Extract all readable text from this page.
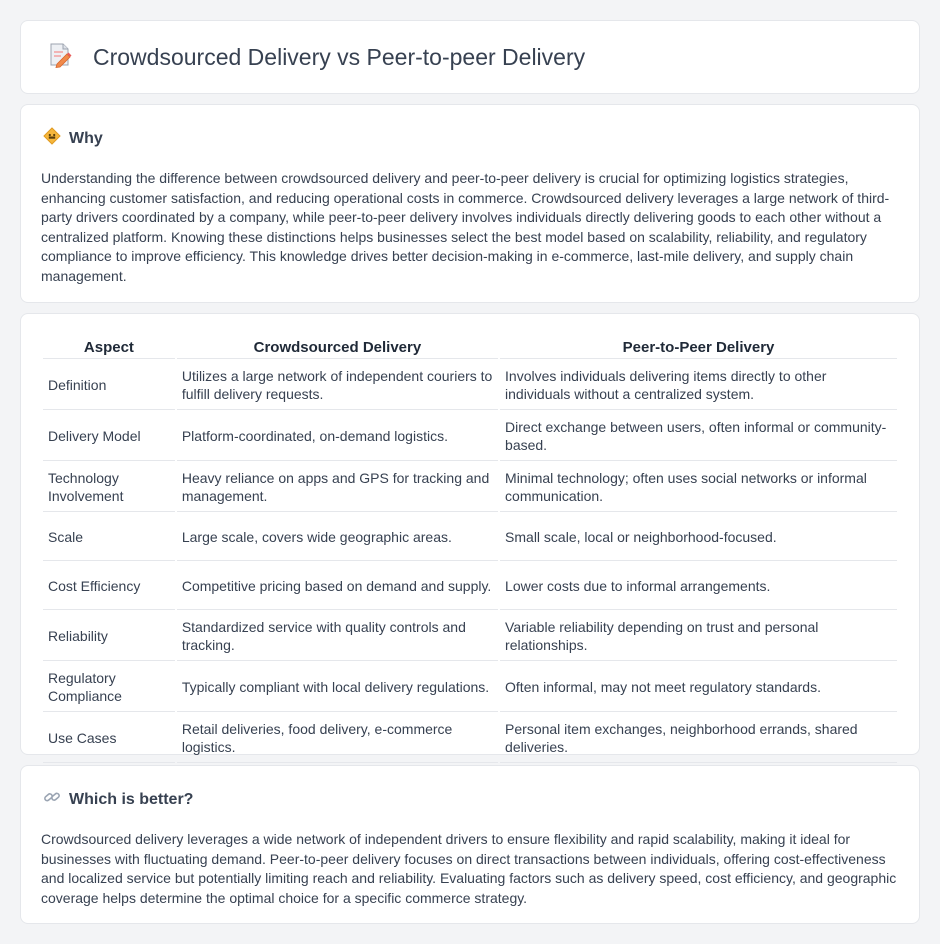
Crowdsourced Delivery vs Peer-to-peer Delivery
Why

Understanding the difference between crowdsourced delivery and peer-to-peer delivery is crucial for optimizing logistics strategies, enhancing customer satisfaction, and reducing operational costs in commerce. Crowdsourced delivery leverages a large network of third-party drivers coordinated by a company, while peer-to-peer delivery involves individuals directly delivering goods to each other without a centralized platform. Knowing these distinctions helps businesses select the best model based on scalability, reliability, and regulatory compliance to improve efficiency. This knowledge drives better decision-making in e-commerce, last-mile delivery, and supply chain management.

Aspect	Crowdsourced Delivery	Peer-to-Peer Delivery
Definition	Utilizes a large network of independent couriers to fulfill delivery requests.	Involves individuals delivering items directly to other individuals without a centralized system.
Delivery Model	Platform-coordinated, on-demand logistics.	Direct exchange between users, often informal or community-based.
Technology Involvement	Heavy reliance on apps and GPS for tracking and management.	Minimal technology; often uses social networks or informal communication.
Scale	Large scale, covers wide geographic areas.	Small scale, local or neighborhood-focused.
Cost Efficiency	Competitive pricing based on demand and supply.	Lower costs due to informal arrangements.
Reliability	Standardized service with quality controls and tracking.	Variable reliability depending on trust and personal relationships.
Regulatory Compliance	Typically compliant with local delivery regulations.	Often informal, may not meet regulatory standards.
Use Cases	Retail deliveries, food delivery, e-commerce logistics.	Personal item exchanges, neighborhood errands, shared deliveries.
Which is better?

Crowdsourced delivery leverages a wide network of independent drivers to ensure flexibility and rapid scalability, making it ideal for businesses with fluctuating demand. Peer-to-peer delivery focuses on direct transactions between individuals, offering cost-effectiveness and localized service but potentially limiting reach and reliability. Evaluating factors such as delivery speed, cost efficiency, and geographic coverage helps determine the optimal choice for a specific commerce strategy.
